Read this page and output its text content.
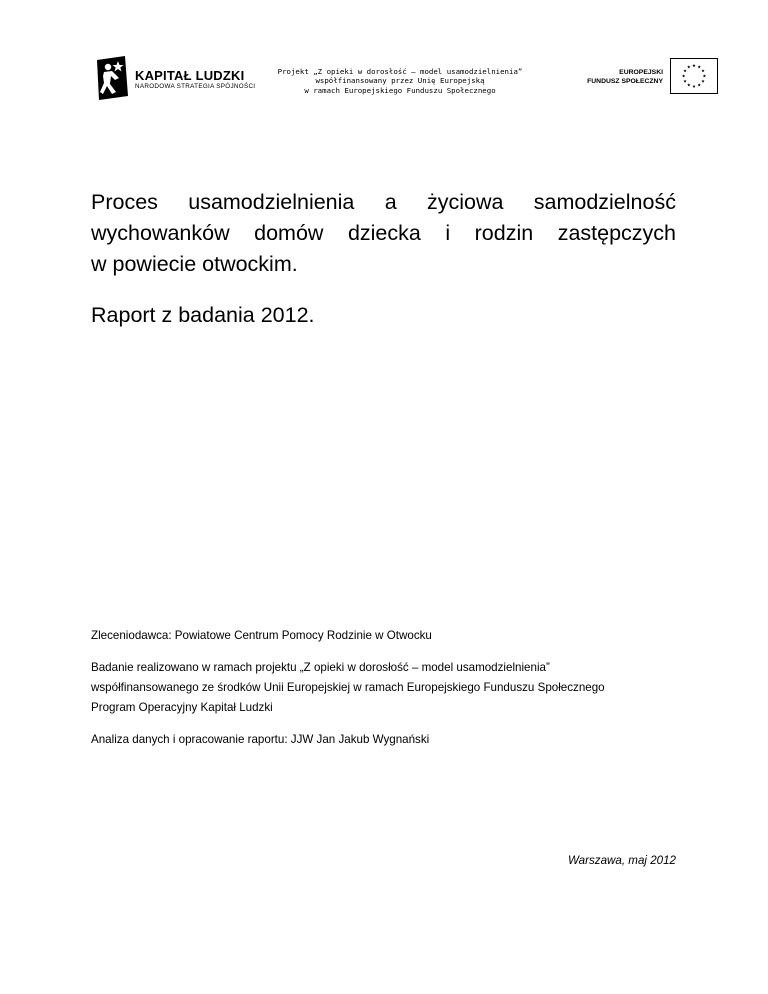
KAPITAŁ LUDZKI
NARODOWA STRATEGIA SPÓJNOŚCI
Projekt „Z opieki w dorosłość – model usamodzielnienia”
współfinansowany przez Unię Europejską
w ramach Europejskiego Funduszu Społecznego
EUROPEJSKI
FUNDUSZ SPOŁECZNY
Proces usamodzielnienia a życiowa samodzielność
wychowanków domów dziecka i rodzin zastępczych
w powiecie otwockim.
Raport z badania 2012.

Zleceniodawca: Powiatowe Centrum Pomocy Rodzinie w Otwocku

Badanie realizowano w ramach projektu „Z opieki w dorosłość – model usamodzielnienia”

współfinansowanego ze środków Unii Europejskiej w ramach Europejskiego Funduszu Społecznego

Program Operacyjny Kapitał Ludzki

Analiza danych i opracowanie raportu: JJW Jan Jakub Wygnański

Warszawa, maj 2012
